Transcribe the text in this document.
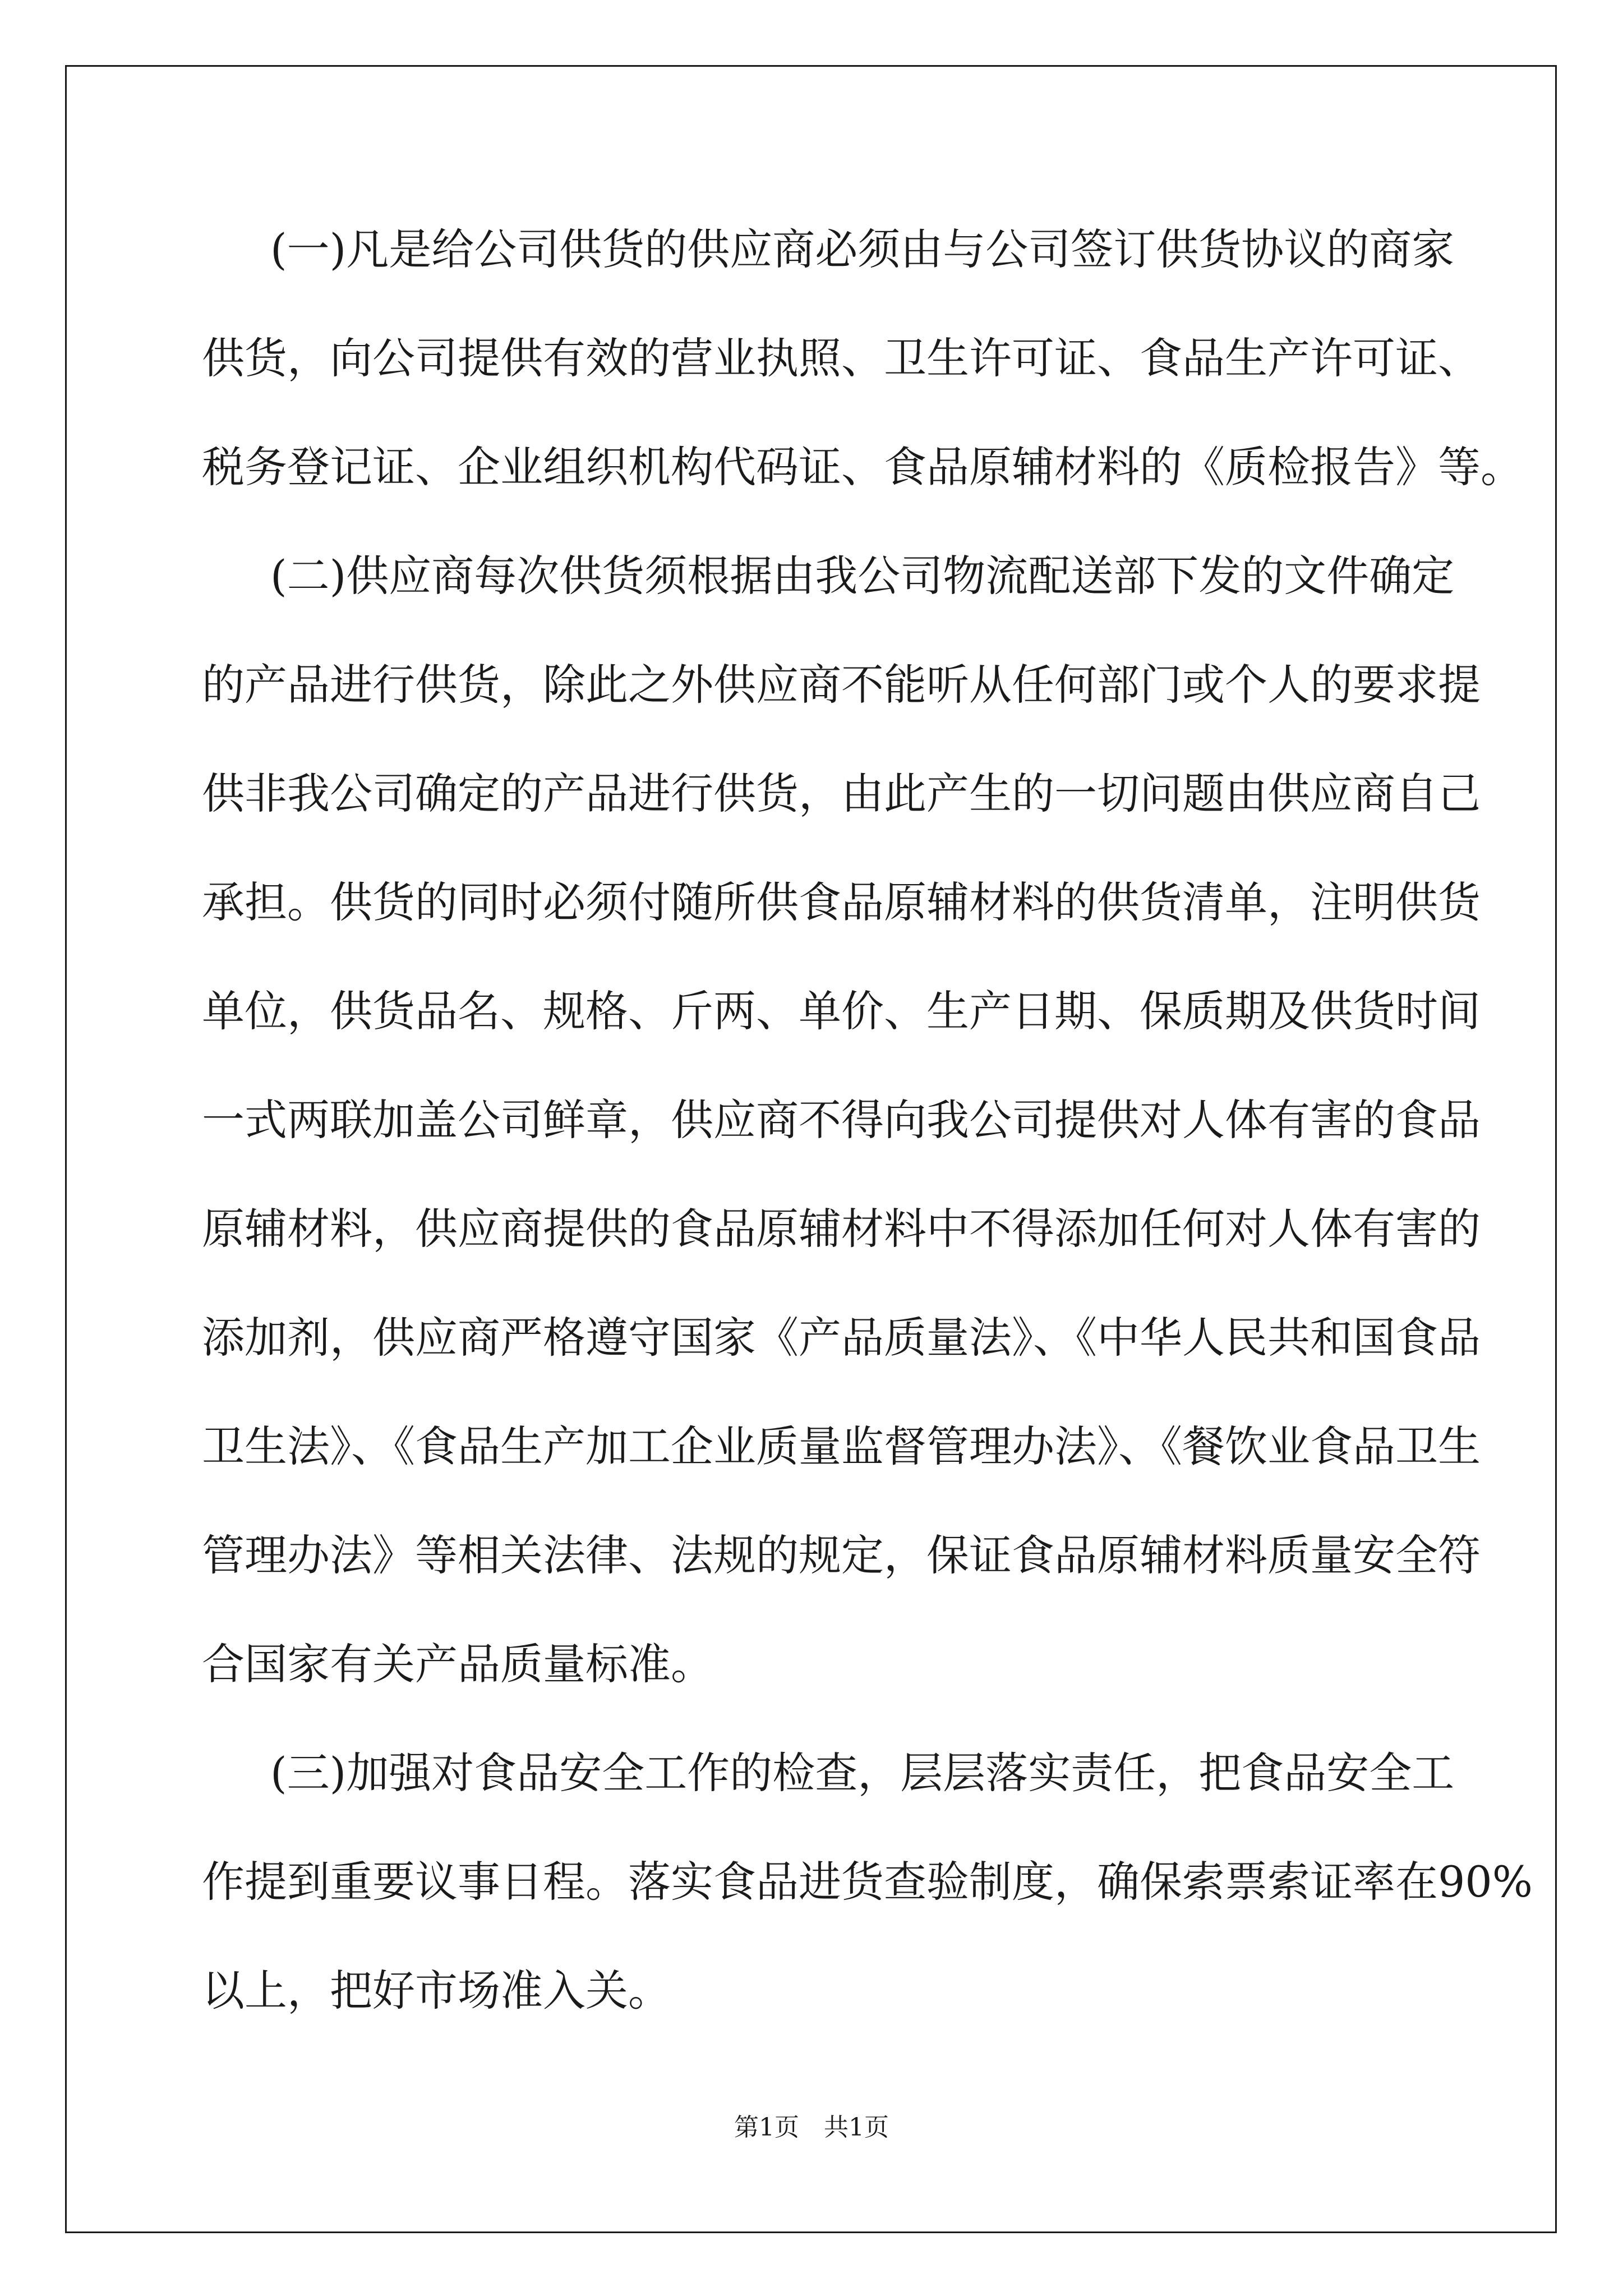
(一)凡是给公司供货的供应商必须由与公司签订供货协议的商家

供货，向公司提供有效的营业执照、卫生许可证、食品生产许可证、

税务登记证、企业组织机构代码证、食品原辅材料的《质检报告》等。

(二)供应商每次供货须根据由我公司物流配送部下发的文件确定

的产品进行供货，除此之外供应商不能听从任何部门或个人的要求提

供非我公司确定的产品进行供货，由此产生的一切问题由供应商自己

承担。供货的同时必须付随所供食品原辅材料的供货清单，注明供货

单位，供货品名、规格、斤两、单价、生产日期、保质期及供货时间

一式两联加盖公司鲜章，供应商不得向我公司提供对人体有害的食品

原辅材料，供应商提供的食品原辅材料中不得添加任何对人体有害的

添加剂，供应商严格遵守国家《产品质量法》、《中华人民共和国食品

卫生法》、《食品生产加工企业质量监督管理办法》、《餐饮业食品卫生

管理办法》等相关法律、法规的规定，保证食品原辅材料质量安全符

合国家有关产品质量标准。

(三)加强对食品安全工作的检查，层层落实责任，把食品安全工

作提到重要议事日程。落实食品进货查验制度，确保索票索证率在90%

以上，把好市场准入关。

第1页　共1页
